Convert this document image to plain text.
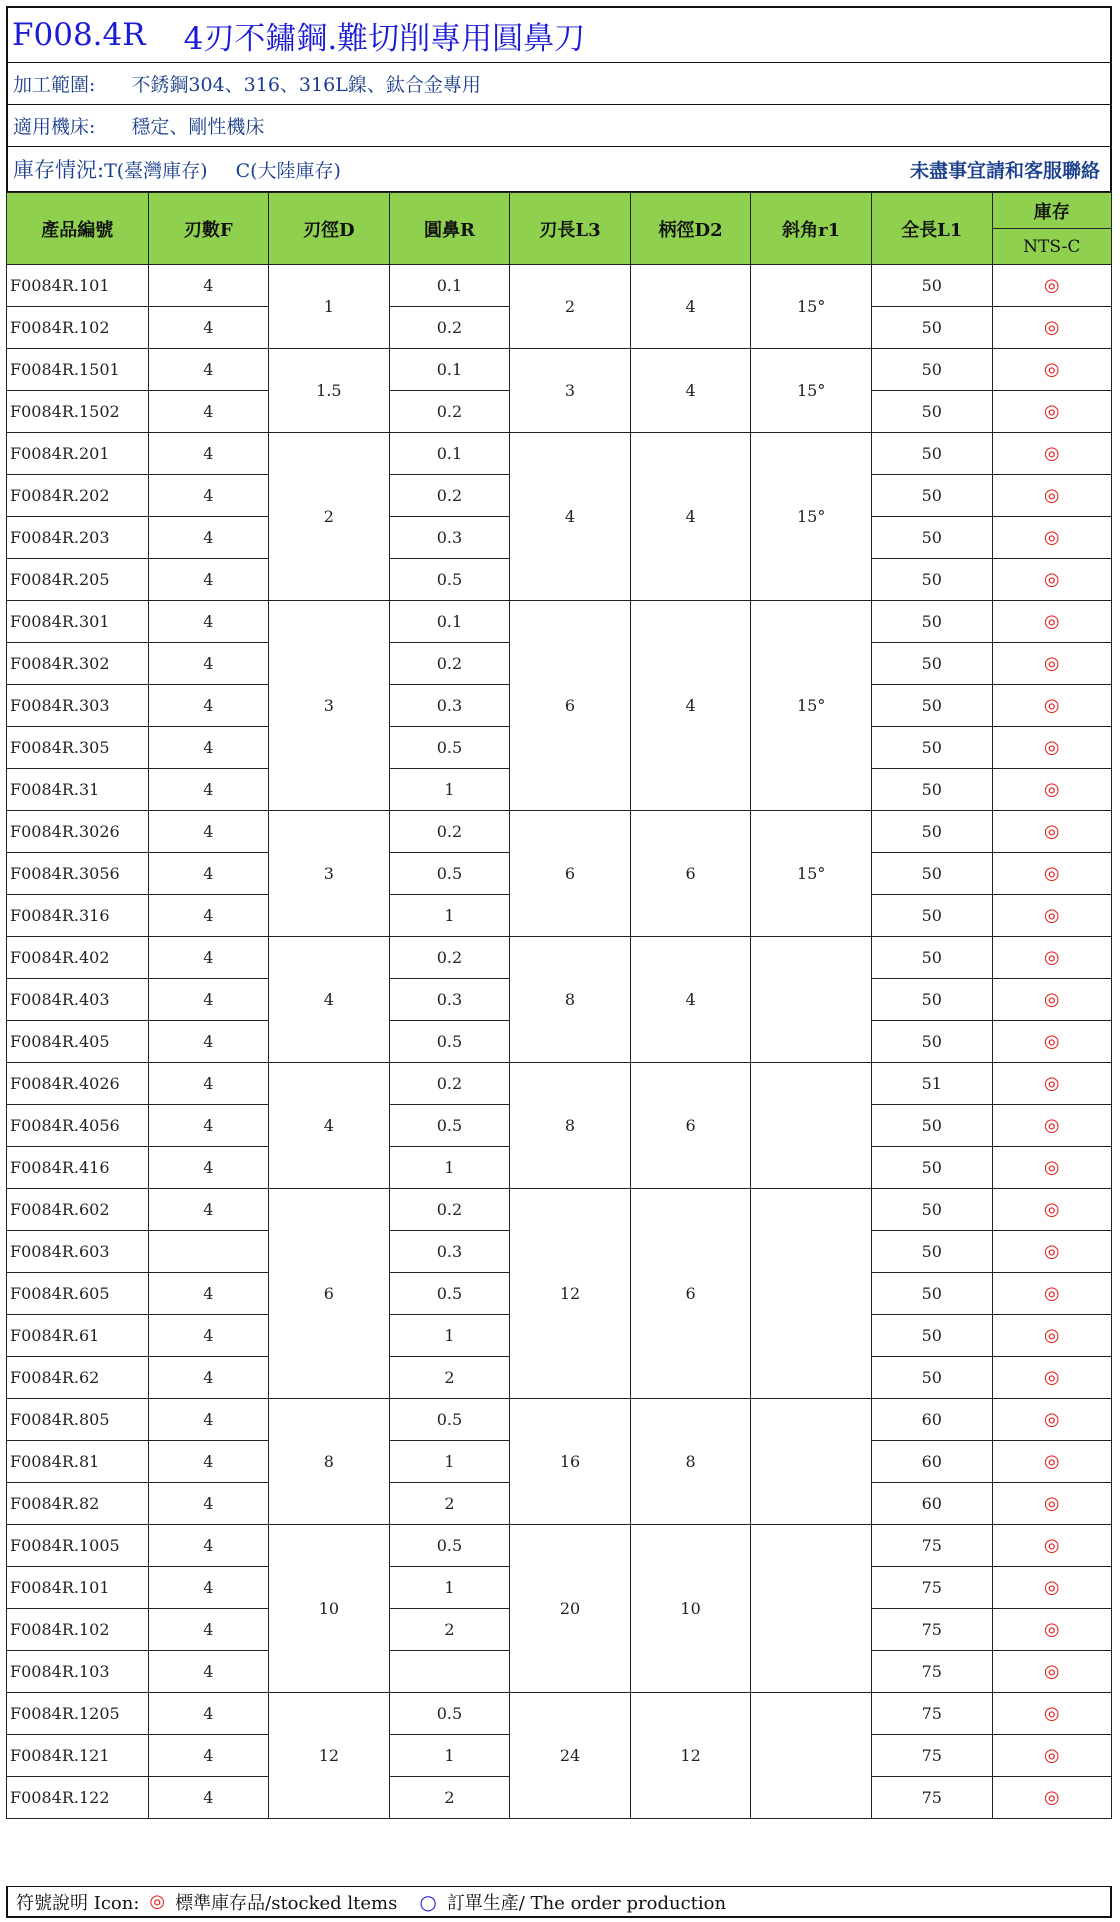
F008.4R 4刃不鏽鋼.難切削專用圓鼻刀
加工範圍: 不銹鋼304、316、316L鎳、鈦合金專用
適用機床: 穩定、剛性機床
庫存情況: T(臺灣庫存) C(大陸庫存)	未盡事宜請和客服聯絡
產品編號	刃數F	刃徑D	圓鼻R	刃長L3	柄徑D2	斜角r1	全長L1	庫存
								NTS-C
F0084R.101	4	1	0.1	2	4	15°	50	◎
F0084R.102	4		0.2				50	◎
F0084R.1501	4	1.5	0.1	3	4	15°	50	◎
F0084R.1502	4		0.2				50	◎
F0084R.201	4	2	0.1	4	4	15°	50	◎
F0084R.202	4		0.2				50	◎
F0084R.203	4		0.3				50	◎
F0084R.205	4		0.5				50	◎
F0084R.301	4	3	0.1	6	4	15°	50	◎
F0084R.302	4		0.2				50	◎
F0084R.303	4		0.3				50	◎
F0084R.305	4		0.5				50	◎
F0084R.31	4		1				50	◎
F0084R.3026	4	3	0.2	6	6	15°	50	◎
F0084R.3056	4		0.5				50	◎
F0084R.316	4		1				50	◎
F0084R.402	4	4	0.2	8	4		50	◎
F0084R.403	4		0.3				50	◎
F0084R.405	4		0.5				50	◎
F0084R.4026	4	4	0.2	8	6		51	◎
F0084R.4056	4		0.5				50	◎
F0084R.416	4		1				50	◎
F0084R.602	4	6	0.2	12	6		50	◎
F0084R.603			0.3				50	◎
F0084R.605	4		0.5				50	◎
F0084R.61	4		1				50	◎
F0084R.62	4		2				50	◎
F0084R.805	4	8	0.5	16	8		60	◎
F0084R.81	4		1				60	◎
F0084R.82	4		2				60	◎
F0084R.1005	4	10	0.5	20	10		75	◎
F0084R.101	4		1				75	◎
F0084R.102	4		2				75	◎
F0084R.103	4						75	◎
F0084R.1205	4	12	0.5	24	12		75	◎
F0084R.121	4		1				75	◎
F0084R.122	4		2				75	◎
符號說明 Icon: ◎ 標準庫存品/stocked ltems ○ 訂單生產/ The order production
